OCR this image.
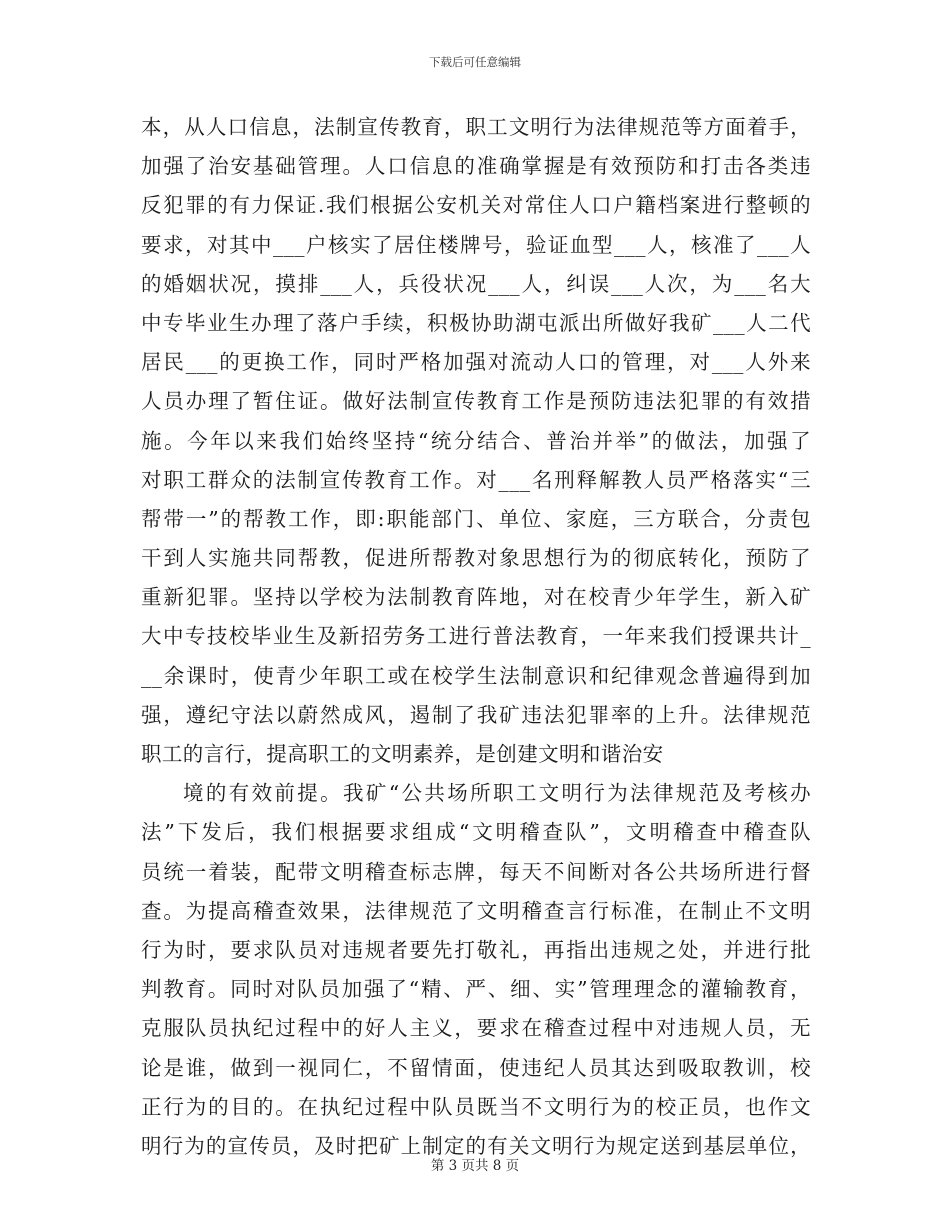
下载后可任意编辑
本，从人口信息，法制宣传教育，职工文明行为法律规范等方面着手，
加强了治安基础管理。人口信息的准确掌握是有效预防和打击各类违
反犯罪的有力保证.我们根据公安机关对常住人口户籍档案进行整顿的
要求，对其中___户核实了居住楼牌号，验证血型___人，核准了___人
的婚姻状况，摸排___人，兵役状况___人，纠误___人次，为___名大
中专毕业生办理了落户手续，积极协助湖屯派出所做好我矿___人二代
居民___的更换工作，同时严格加强对流动人口的管理，对___人外来
人员办理了暂住证。做好法制宣传教育工作是预防违法犯罪的有效措
施。今年以来我们始终坚持“统分结合、普治并举”的做法，加强了
对职工群众的法制宣传教育工作。对___名刑释解教人员严格落实“三
帮带一”的帮教工作，即:职能部门、单位、家庭，三方联合，分责包
干到人实施共同帮教，促进所帮教对象思想行为的彻底转化，预防了
重新犯罪。坚持以学校为法制教育阵地，对在校青少年学生，新入矿
大中专技校毕业生及新招劳务工进行普法教育，一年来我们授课共计_
__余课时，使青少年职工或在校学生法制意识和纪律观念普遍得到加
强，遵纪守法以蔚然成风，遏制了我矿违法犯罪率的上升。法律规范
职工的言行，提高职工的文明素养，是创建文明和谐治安
境的有效前提。我矿“公共场所职工文明行为法律规范及考核办
法”下发后，我们根据要求组成“文明稽查队”，文明稽查中稽查队
员统一着装，配带文明稽查标志牌，每天不间断对各公共场所进行督
查。为提高稽查效果，法律规范了文明稽查言行标准，在制止不文明
行为时，要求队员对违规者要先打敬礼，再指出违规之处，并进行批
判教育。同时对队员加强了“精、严、细、实”管理理念的灌输教育，
克服队员执纪过程中的好人主义，要求在稽查过程中对违规人员，无
论是谁，做到一视同仁，不留情面，使违纪人员其达到吸取教训，校
正行为的目的。在执纪过程中队员既当不文明行为的校正员，也作文
明行为的宣传员，及时把矿上制定的有关文明行为规定送到基层单位，
第 3 页共 8 页
